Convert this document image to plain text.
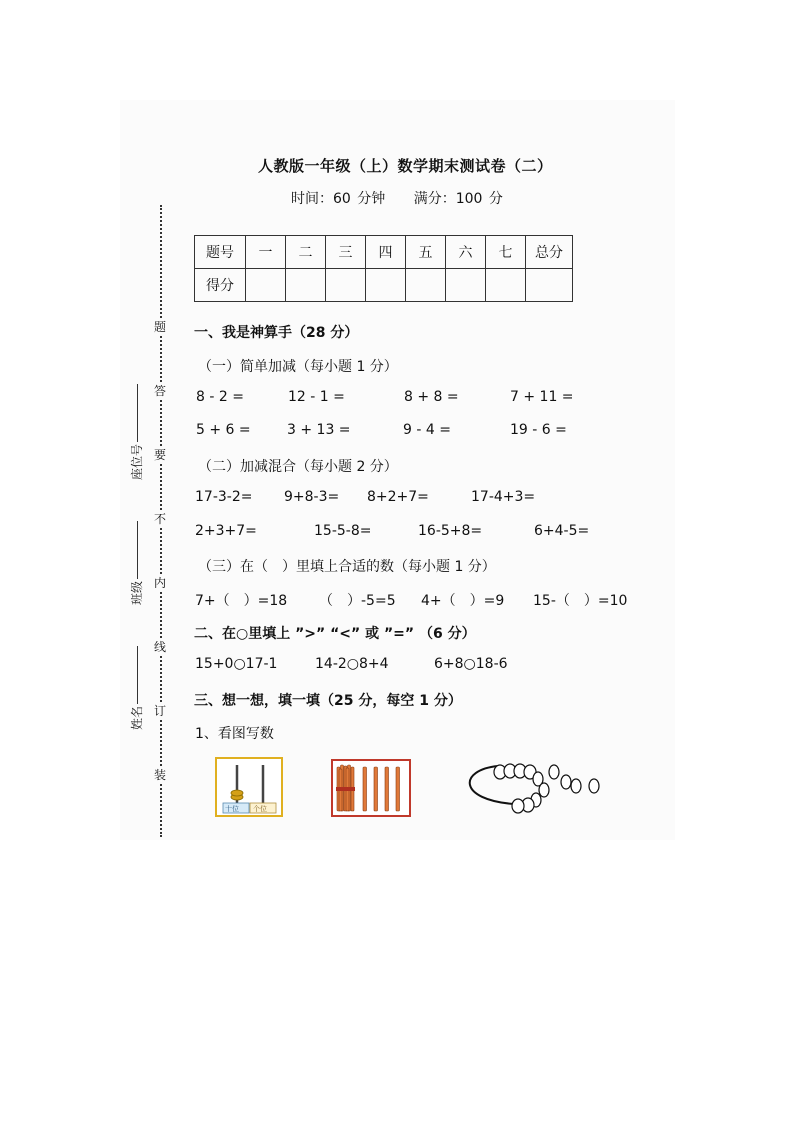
人教版一年级（上）数学期末测试卷（二）
时间：60 分钟 满分：100 分
题
答
要
不
内
线
订
装
座位号
班级
姓名
题号	一	二	三	四	五	六	七	总分
得分								
一、我是神算手（28 分）
（一）简单加减（每小题 1 分）
8 - 2 =	12 - 1 =	8 + 8 =	7 + 11 =
5 + 6 =	3 + 13 =	9 - 4 =	19 - 6 =
（二）加减混合（每小题 2 分）
17-3-2= 9+8-3= 8+2+7=	17-4+3=
2+3+7=	15-5-8=	16-5+8=	6+4-5=
（三）在（　）里填上合适的数（每小题 1 分）
7+（　）=18 （　）-5=5 4+（　）=9 15-（　）=10
二、在○里填上 ”>” “<” 或 ”=” （6 分）
15+0○17-1	14-2○8+4	6+8○18-6
三、想一想，填一填（25 分，每空 1 分）
1、看图写数
十位 个位
